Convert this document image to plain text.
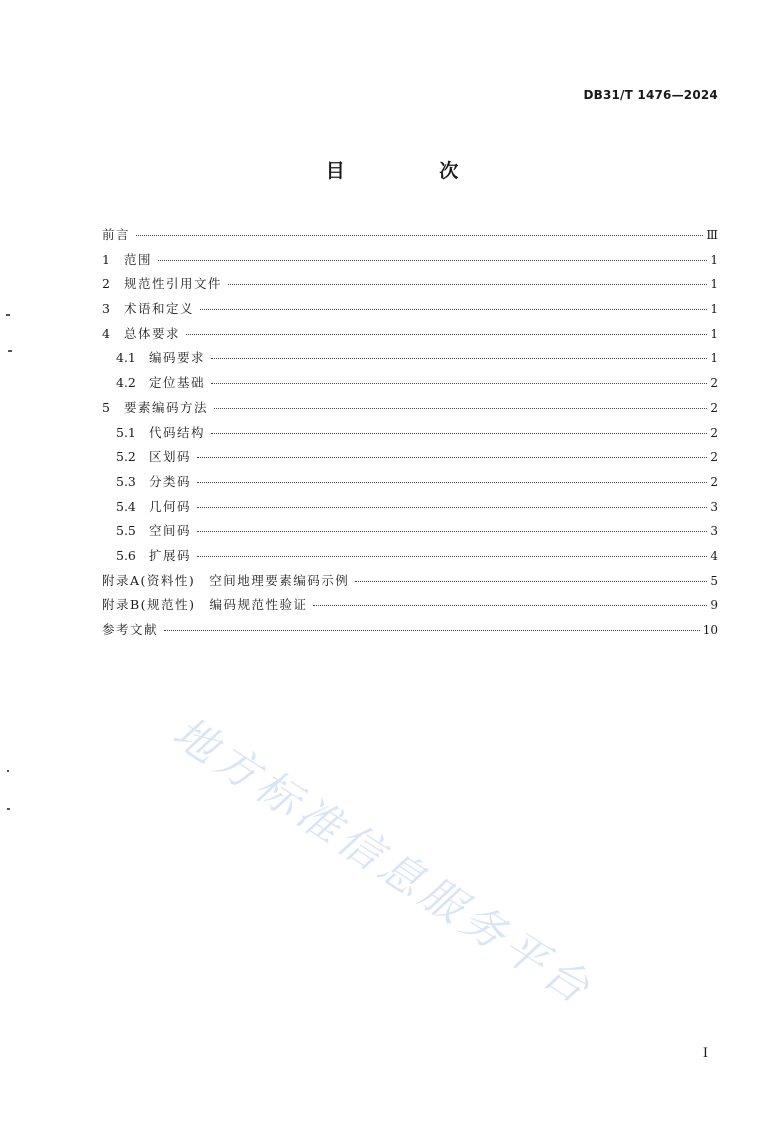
DB31/T 1476—2024
目 次
前言	Ⅲ
1	范围	1
2	规范性引用文件	1
3	术语和定义	1
4	总体要求	1
4.1	编码要求	1
4.2	定位基础	2
5	要素编码方法	2
5.1	代码结构	2
5.2	区划码	2
5.3	分类码	2
5.4	几何码	3
5.5	空间码	3
5.6	扩展码	4
附录A(资料性) 空间地理要素编码示例	5
附录B(规范性) 编码规范性验证	9
参考文献	10
I
地方标准信息服务平台
